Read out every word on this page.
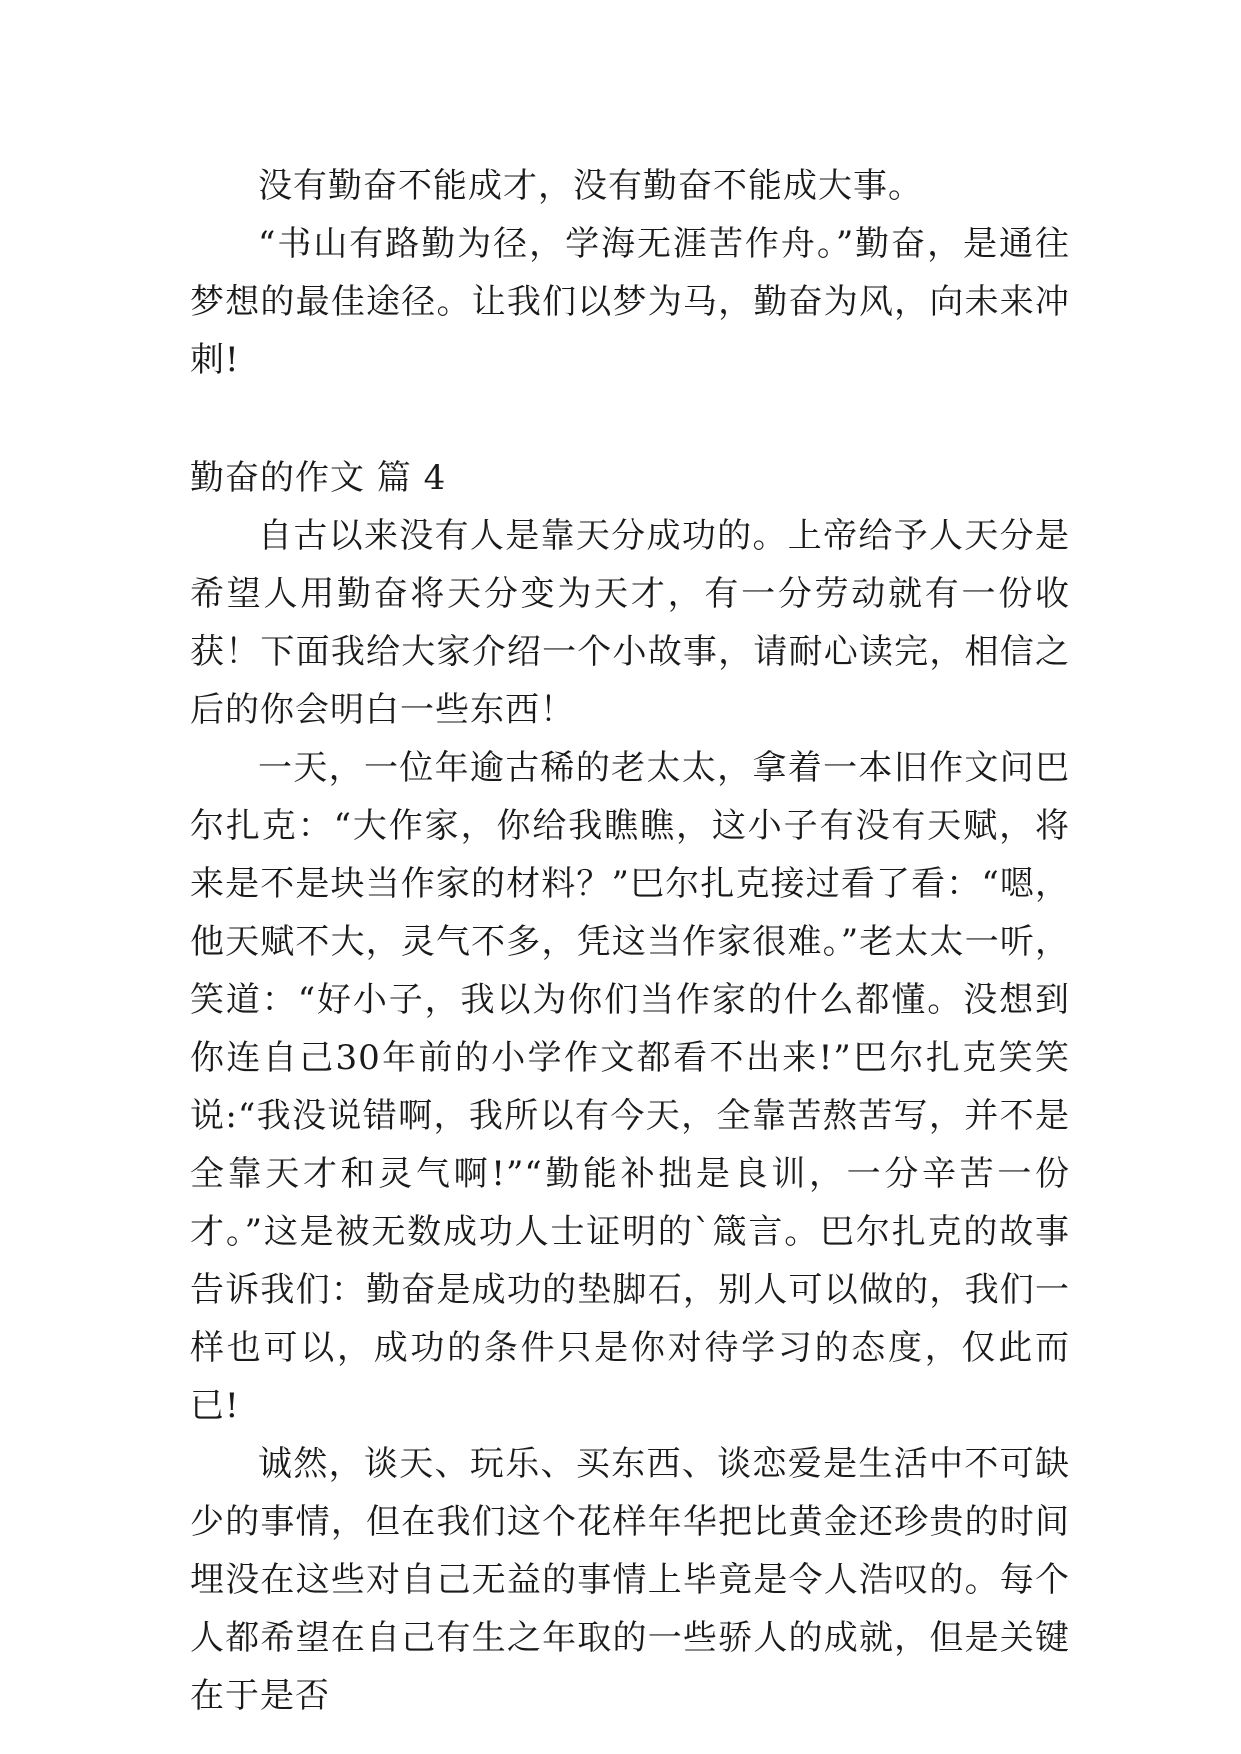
没有勤奋不能成才，没有勤奋不能成大事。

“书山有路勤为径，学海无涯苦作舟。”勤奋，是通往梦想的最佳途径。让我们以梦为马，勤奋为风，向未来冲刺!

勤奋的作文 篇 4

自古以来没有人是靠天分成功的。上帝给予人天分是希望人用勤奋将天分变为天才，有一分劳动就有一份收获！下面我给大家介绍一个小故事，请耐心读完，相信之后的你会明白一些东西！

一天，一位年逾古稀的老太太，拿着一本旧作文问巴尔扎克：“大作家，你给我瞧瞧，这小子有没有天赋，将来是不是块当作家的材料？”巴尔扎克接过看了看：“嗯，他天赋不大，灵气不多，凭这当作家很难。”老太太一听，笑道：“好小子，我以为你们当作家的什么都懂。没想到你连自己30年前的小学作文都看不出来!”巴尔扎克笑笑说:“我没说错啊，我所以有今天，全靠苦熬苦写，并不是全靠天才和灵气啊!”“勤能补拙是良训，一分辛苦一份才。”这是被无数成功人士证明的`箴言。巴尔扎克的故事告诉我们：勤奋是成功的垫脚石，别人可以做的，我们一样也可以，成功的条件只是你对待学习的态度，仅此而已!

诚然，谈天、玩乐、买东西、谈恋爱是生活中不可缺少的事情，但在我们这个花样年华把比黄金还珍贵的时间埋没在这些对自己无益的事情上毕竟是令人浩叹的。每个人都希望在自己有生之年取的一些骄人的成就，但是关键在于是否
